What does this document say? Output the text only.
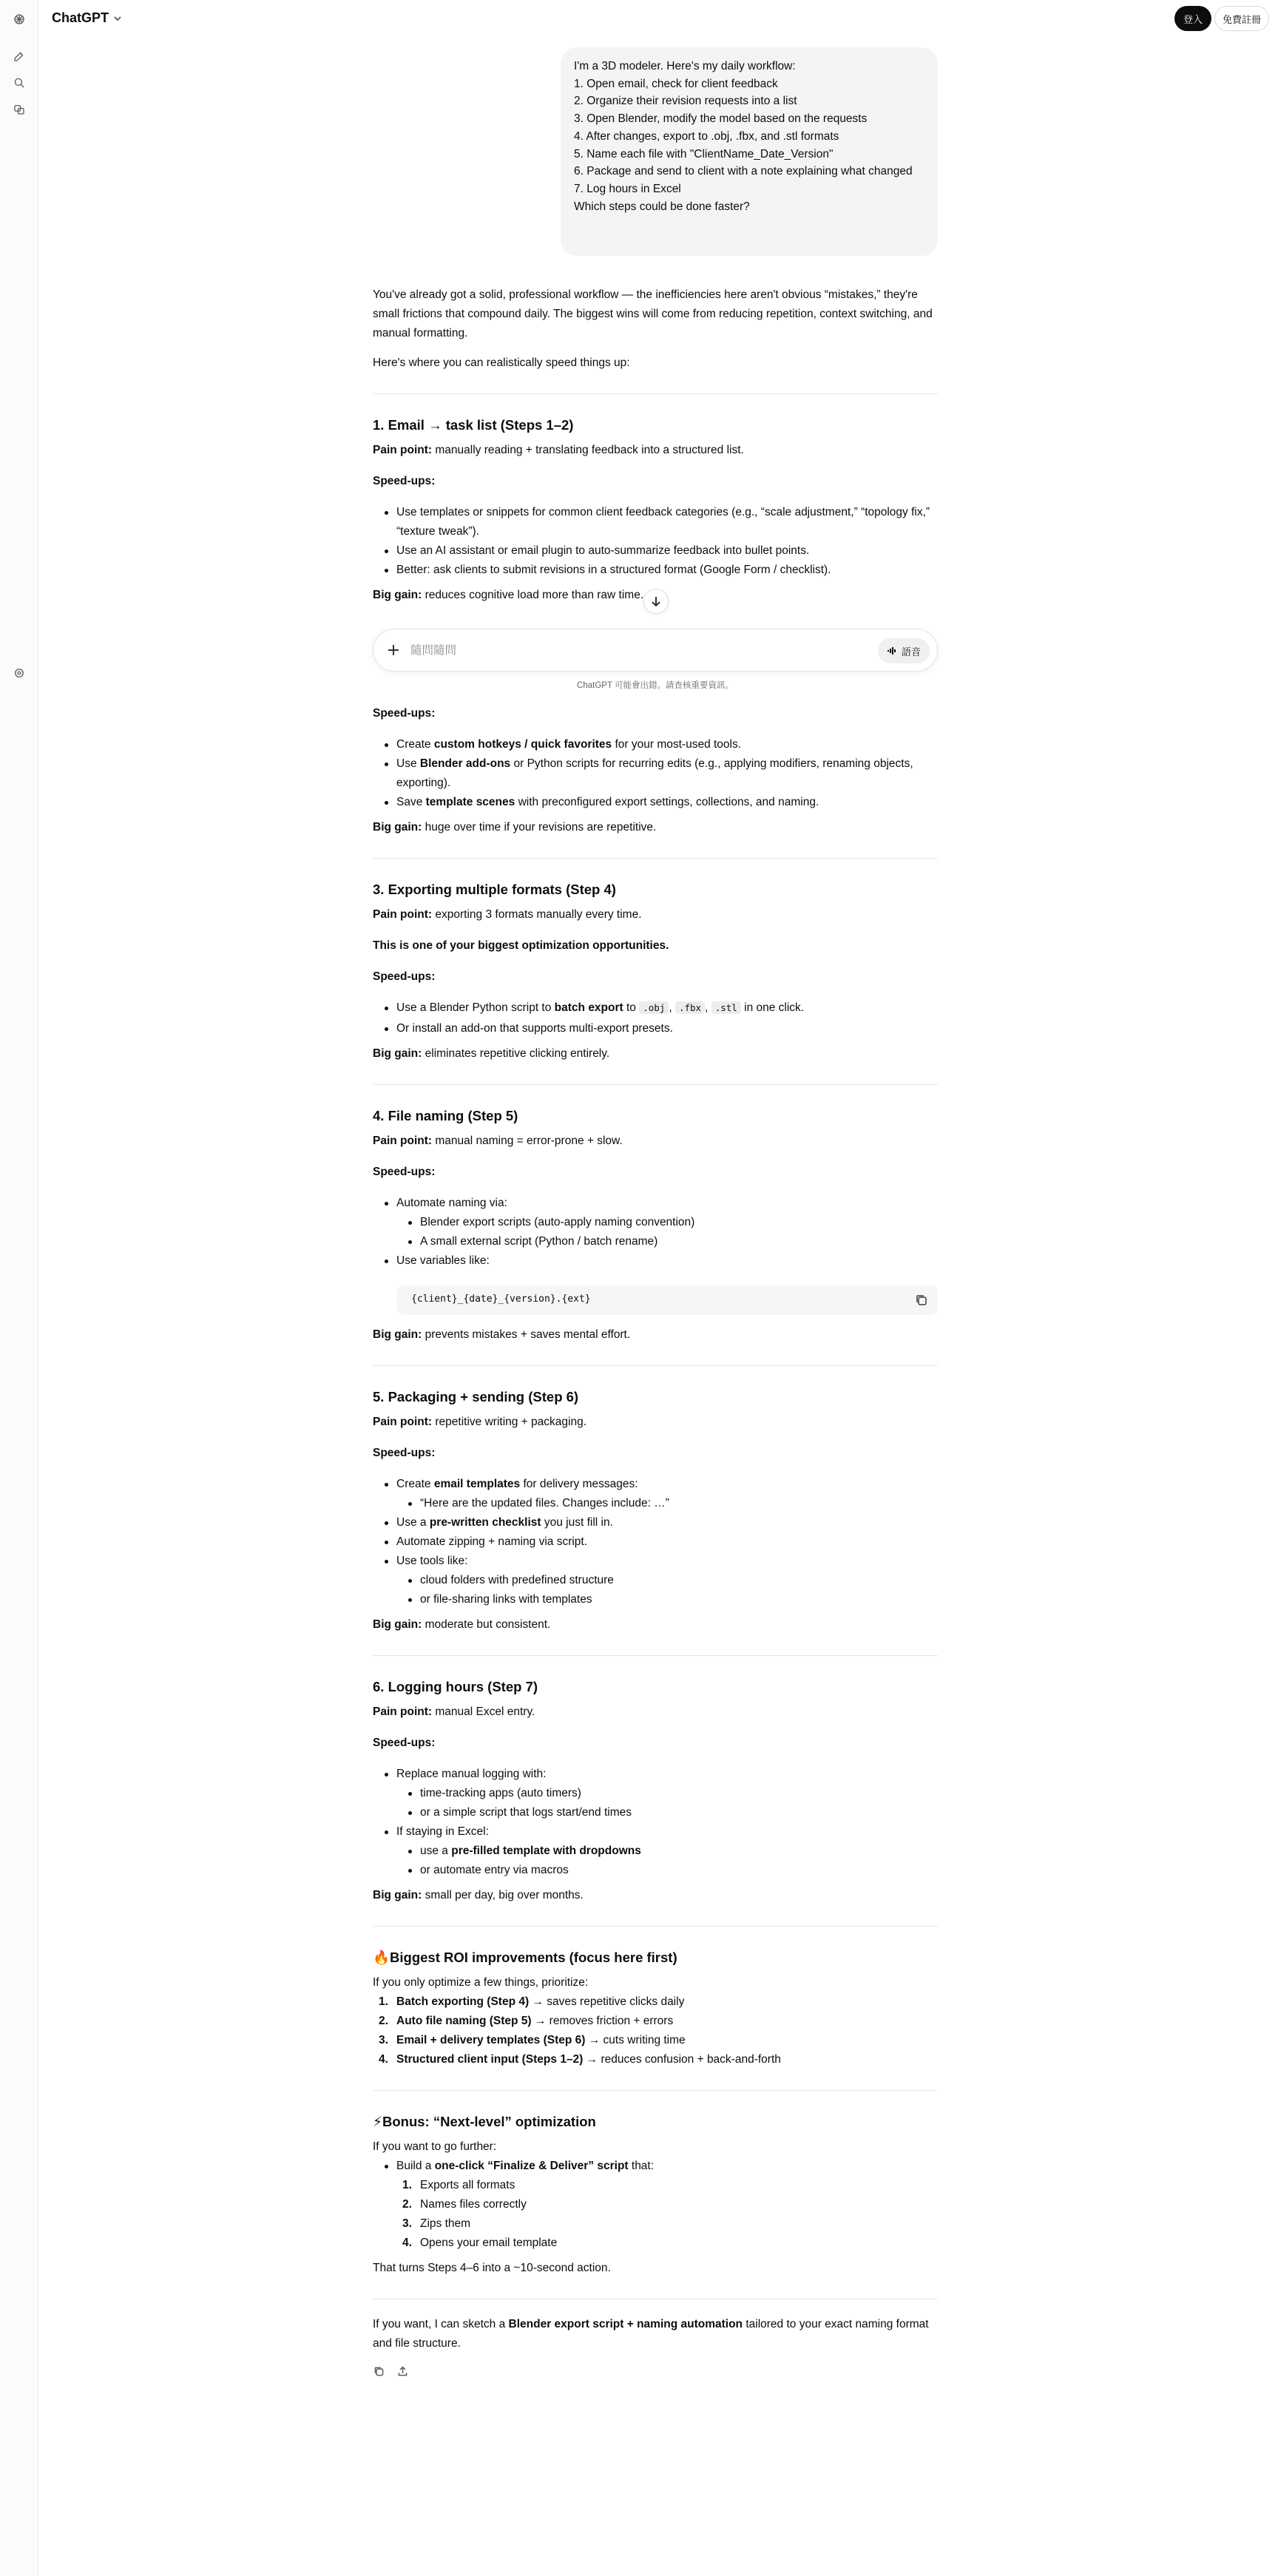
ChatGPT	登入	免費註冊
I'm a 3D modeler. Here's my daily workflow:
1. Open email, check for client feedback
2. Organize their revision requests into a list
3. Open Blender, modify the model based on the requests
4. After changes, export to .obj, .fbx, and .stl formats
5. Name each file with "ClientName_Date_Version"
6. Package and send to client with a note explaining what changed
7. Log hours in Excel
Which steps could be done faster?
You've already got a solid, professional workflow — the inefficiencies here aren't obvious “mistakes,” they're small frictions that compound daily. The biggest wins will come from reducing repetition, context switching, and manual formatting.
Here's where you can realistically speed things up:
1. Email → task list (Steps 1–2)
Pain point: manually reading + translating feedback into a structured list.
Speed-ups:
Use templates or snippets for common client feedback categories (e.g., “scale adjustment,” “topology fix,” “texture tweak”).
Use an AI assistant or email plugin to auto-summarize feedback into bullet points.
Better: ask clients to submit revisions in a structured format (Google Form / checklist).
Big gain: reduces cognitive load more than raw time.
隨問隨問
語音
ChatGPT 可能會出錯。請查核重要資訊。
Speed-ups:
Create custom hotkeys / quick favorites for your most-used tools.
Use Blender add-ons or Python scripts for recurring edits (e.g., applying modifiers, renaming objects, exporting).
Save template scenes with preconfigured export settings, collections, and naming.
Big gain: huge over time if your revisions are repetitive.
3. Exporting multiple formats (Step 4)
Pain point: exporting 3 formats manually every time.
This is one of your biggest optimization opportunities.
Speed-ups:
Use a Blender Python script to batch export to .obj , .fbx , .stl in one click.
Or install an add-on that supports multi-export presets.
Big gain: eliminates repetitive clicking entirely.
4. File naming (Step 5)
Pain point: manual naming = error-prone + slow.
Speed-ups:
Automate naming via:
Blender export scripts (auto-apply naming convention)
A small external script (Python / batch rename)
Use variables like:
{client}_{date}_{version}.{ext}
Big gain: prevents mistakes + saves mental effort.
5. Packaging + sending (Step 6)
Pain point: repetitive writing + packaging.
Speed-ups:
Create email templates for delivery messages:
“Here are the updated files. Changes include: …”
Use a pre-written checklist you just fill in.
Automate zipping + naming via script.
Use tools like:
cloud folders with predefined structure
or file-sharing links with templates
Big gain: moderate but consistent.
6. Logging hours (Step 7)
Pain point: manual Excel entry.
Speed-ups:
Replace manual logging with:
time-tracking apps (auto timers)
or a simple script that logs start/end times
If staying in Excel:
use a pre-filled template with dropdowns
or automate entry via macros
Big gain: small per day, big over months.
🔥Biggest ROI improvements (focus here first)
If you only optimize a few things, prioritize:
1. Batch exporting (Step 4) → saves repetitive clicks daily
2. Auto file naming (Step 5) → removes friction + errors
3. Email + delivery templates (Step 6) → cuts writing time
4. Structured client input (Steps 1–2) → reduces confusion + back-and-forth
⚡Bonus: “Next-level” optimization
If you want to go further:
Build a one-click “Finalize & Deliver” script that:
1. Exports all formats
2. Names files correctly
3. Zips them
4. Opens your email template
That turns Steps 4–6 into a ~10-second action.
If you want, I can sketch a Blender export script + naming automation tailored to your exact naming format and file structure.
